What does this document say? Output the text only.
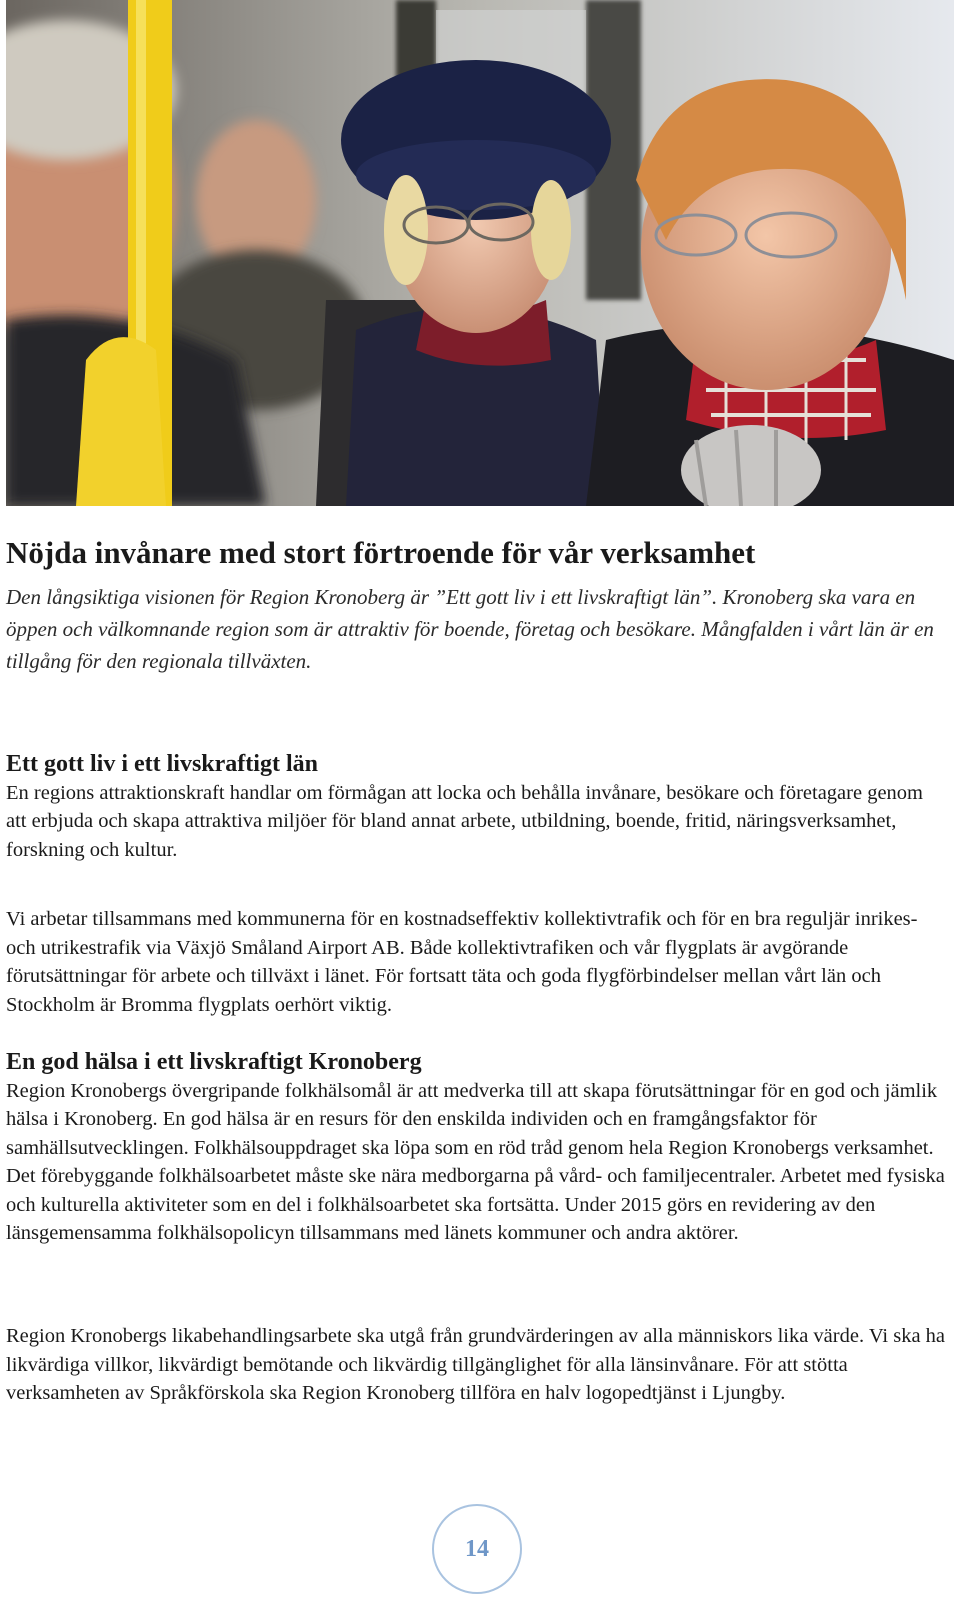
Nöjda invånare med stort förtroende för vår verksamhet

Den långsiktiga visionen för Region Kronoberg är ”Ett gott liv i ett livskraftigt län”. Kronoberg ska vara en öppen och välkomnande region som är attraktiv för boende, företag och besökare. Mångfalden i vårt län är en tillgång för den regionala tillväxten.

Ett gott liv i ett livskraftigt län

En regions attraktionskraft handlar om förmågan att locka och behålla invånare, besökare och företagare genom att erbjuda och skapa attraktiva miljöer för bland annat arbete, utbildning, boende, fritid, näringsverksamhet, forskning och kultur.

Vi arbetar tillsammans med kommunerna för en kostnadseffektiv kollektivtrafik och för en bra reguljär inrikes- och utrikestrafik via Växjö Småland Airport AB. Både kollektivtrafiken och vår flygplats är avgörande förutsättningar för arbete och tillväxt i länet. För fortsatt täta och goda flygförbindelser mellan vårt län och Stockholm är Bromma flygplats oerhört viktig.

En god hälsa i ett livskraftigt Kronoberg

Region Kronobergs övergripande folkhälsomål är att medverka till att skapa förutsättningar för en god och jämlik hälsa i Kronoberg. En god hälsa är en resurs för den enskilda individen och en framgångsfaktor för samhällsutvecklingen. Folkhälsouppdraget ska löpa som en röd tråd genom hela Region Kronobergs verksamhet. Det förebyggande folkhälsoarbetet måste ske nära medborgarna på vård- och familjecentraler. Arbetet med fysiska och kulturella aktiviteter som en del i folkhälsoarbetet ska fortsätta. Under 2015 görs en revidering av den länsgemensamma folkhälsopolicyn tillsammans med länets kommuner och andra aktörer.

Region Kronobergs likabehandlingsarbete ska utgå från grundvärderingen av alla människors lika värde. Vi ska ha likvärdiga villkor, likvärdigt bemötande och likvärdig tillgänglighet för alla länsinvånare. För att stötta verksamheten av Språkförskola ska Region Kronoberg tillföra en halv logopedtjänst i Ljungby.

14
